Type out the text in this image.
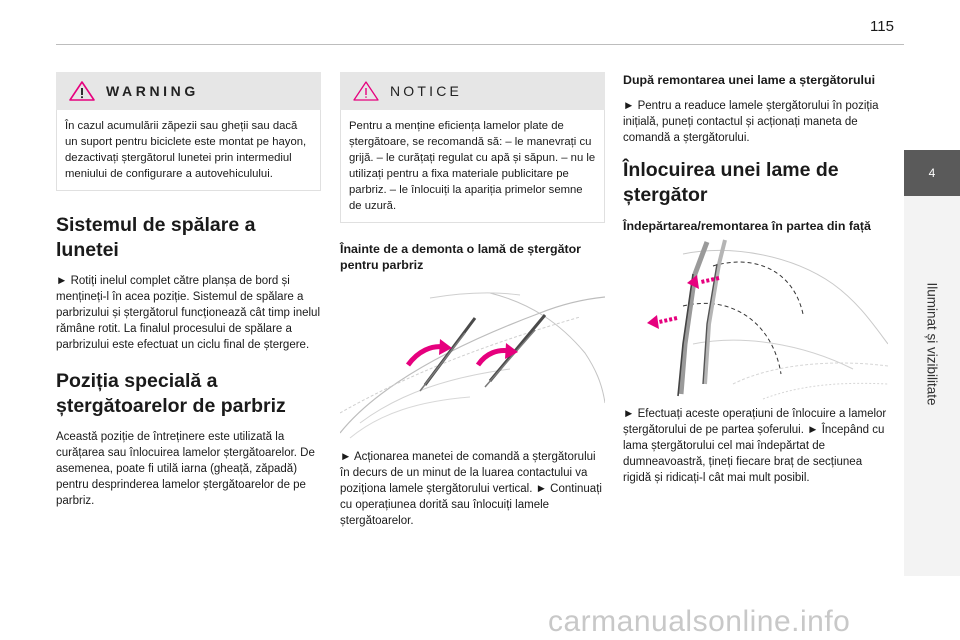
115
WARNING

În cazul acumulării zăpezii sau gheții sau dacă un suport pentru biciclete este montat pe hayon, dezactivați ștergătorul lunetei prin intermediul meniului de configurare a autovehiculului.

Sistemul de spălare a lunetei

► Rotiți inelul complet către planșa de bord și mențineți-l în acea poziție. Sistemul de spălare a parbrizului și ștergătorul funcționează cât timp inelul rămâne rotit. La finalul procesului de spălare a parbrizului este efectuat un ciclu final de ștergere.

Poziția specială a ștergătoarelor de parbriz

Această poziție de întreținere este utilizată la curățarea sau înlocuirea lamelor ștergătoarelor. De asemenea, poate fi utilă iarna (gheață, zăpadă) pentru desprinderea lamelor ștergătoarelor de pe parbriz.

NOTICE

Pentru a menține eficiența lamelor plate de ștergătoare, se recomandă să: – le manevrați cu grijă. – le curățați regulat cu apă și săpun. – nu le utilizați pentru a fixa materiale publicitare pe parbriz. – le înlocuiți la apariția primelor semne de uzură.

Înainte de a demonta o lamă de ștergător pentru parbriz

► Acționarea manetei de comandă a ștergătorului în decurs de un minut de la luarea contactului va poziționa lamele ștergătorului vertical. ► Continuați cu operațiunea dorită sau înlocuiți lamele ștergătoarelor.

După remontarea unei lame a ștergătorului

► Pentru a readuce lamele ștergătorului în poziția inițială, puneți contactul și acționați maneta de comandă a ștergătorului.

Înlocuirea unei lame de ștergător
Îndepărtarea/remontarea în partea din față

► Efectuați aceste operațiuni de înlocuire a lamelor ștergătorului de pe partea șoferului. ► Începând cu lama ștergătorului cel mai îndepărtat de dumneavoastră, țineți fiecare braț de secțiunea rigidă și ridicați-l cât mai mult posibil.

4
Iluminat și vizibilitate
carmanualsonline.info
